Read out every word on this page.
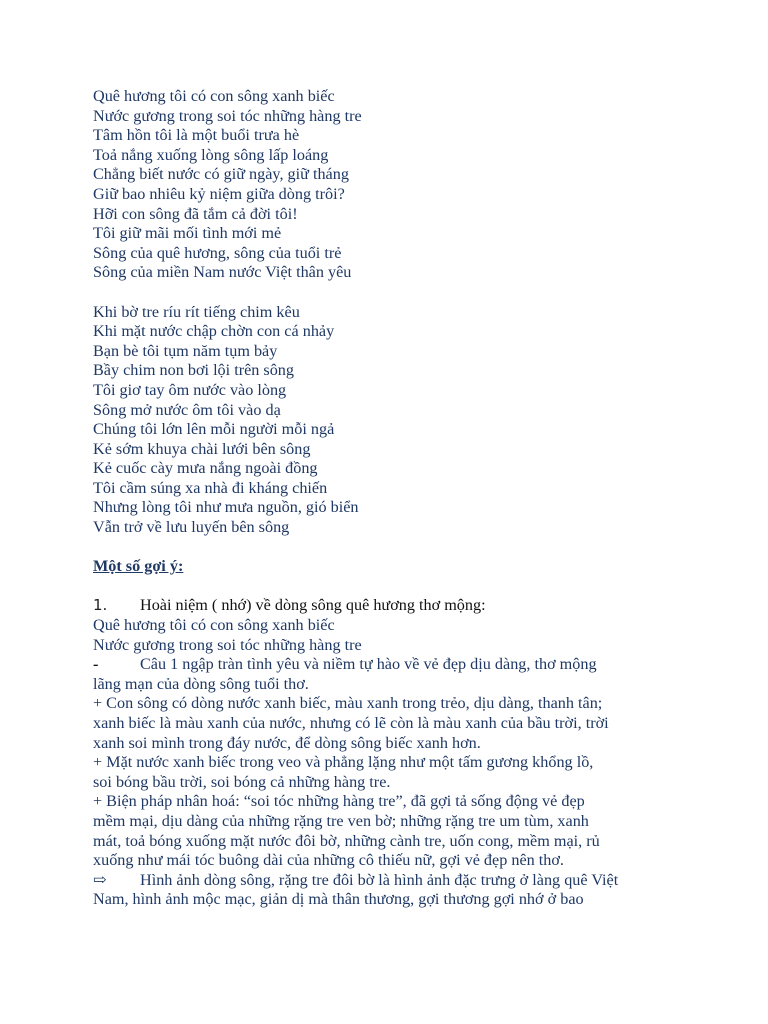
Quê hương tôi có con sông xanh biếc
Nước gương trong soi tóc những hàng tre
Tâm hồn tôi là một buổi trưa hè
Toả nắng xuống lòng sông lấp loáng
Chẳng biết nước có giữ ngày, giữ tháng
Giữ bao nhiêu kỷ niệm giữa dòng trôi?
Hỡi con sông đã tắm cả đời tôi!
Tôi giữ mãi mối tình mới mẻ
Sông của quê hương, sông của tuổi trẻ
Sông của miền Nam nước Việt thân yêu
Khi bờ tre ríu rít tiếng chim kêu
Khi mặt nước chập chờn con cá nhảy
Bạn bè tôi tụm năm tụm bảy
Bầy chim non bơi lội trên sông
Tôi giơ tay ôm nước vào lòng
Sông mở nước ôm tôi vào dạ
Chúng tôi lớn lên mỗi người mỗi ngả
Kẻ sớm khuya chài lưới bên sông
Kẻ cuốc cày mưa nắng ngoài đồng
Tôi cầm súng xa nhà đi kháng chiến
Nhưng lòng tôi như mưa nguồn, gió biển
Vẫn trở về lưu luyến bên sông
Một số gợi ý:
1. Hoài niệm ( nhớ) về dòng sông quê hương thơ mộng:
Quê hương tôi có con sông xanh biếc
Nước gương trong soi tóc những hàng tre
-	Câu 1 ngập tràn tình yêu và niềm tự hào về vẻ đẹp dịu dàng, thơ mộng
lãng mạn của dòng sông tuổi thơ.
+ Con sông có dòng nước xanh biếc, màu xanh trong trẻo, dịu dàng, thanh tân;
xanh biếc là màu xanh của nước, nhưng có lẽ còn là màu xanh của bầu trời, trời
xanh soi mình trong đáy nước, để dòng sông biếc xanh hơn.
+ Mặt nước xanh biếc trong veo và phẳng lặng như một tấm gương khổng lồ,
soi bóng bầu trời, soi bóng cả những hàng tre.
+ Biện pháp nhân hoá: “soi tóc những hàng tre”, đã gợi tả sống động vẻ đẹp
mềm mại, dịu dàng của những rặng tre ven bờ; những rặng tre um tùm, xanh
mát, toả bóng xuống mặt nước đôi bờ, những cành tre, uốn cong, mềm mại, rủ
xuống như mái tóc buông dài của những cô thiếu nữ, gợi vẻ đẹp nên thơ.
⇨ Hình ảnh dòng sông, rặng tre đôi bờ là hình ảnh đặc trưng ở làng quê Việt
Nam, hình ảnh mộc mạc, giản dị mà thân thương, gợi thương gợi nhớ ở bao
